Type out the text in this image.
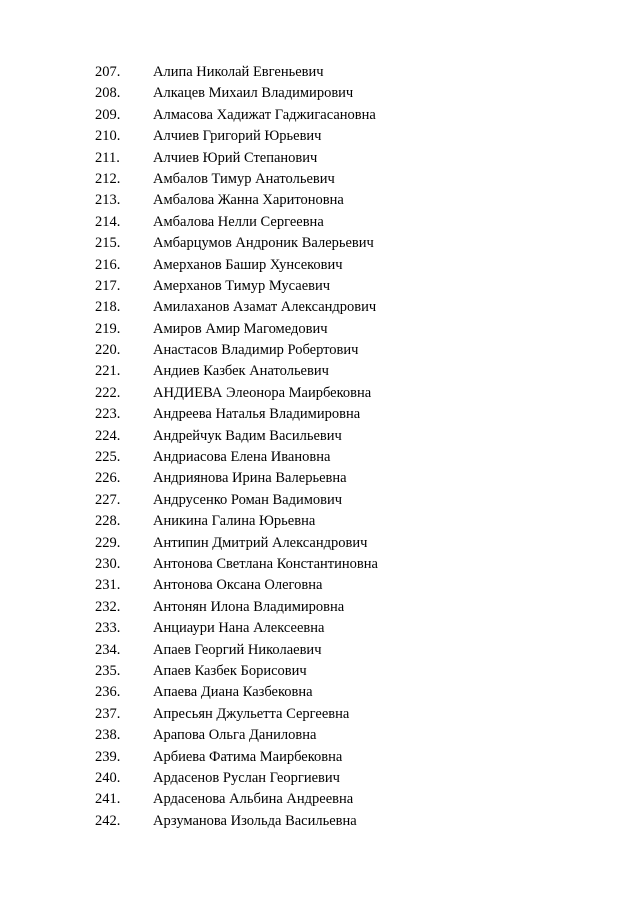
207. Алипа Николай Евгеньевич
208. Алкацев Михаил Владимирович
209. Алмасова Хадижат Гаджигасановна
210. Алчиев Григорий Юрьевич
211. Алчиев Юрий Степанович
212. Амбалов Тимур Анатольевич
213. Амбалова Жанна Харитоновна
214. Амбалова Нелли Сергеевна
215. Амбарцумов Андроник Валерьевич
216. Амерханов Башир Хунсекович
217. Амерханов Тимур Мусаевич
218. Амилаханов Азамат Александрович
219. Амиров Амир Магомедович
220. Анастасов Владимир Робертович
221. Андиев Казбек Анатольевич
222. АНДИЕВА Элеонора Маирбековна
223. Андреева Наталья Владимировна
224. Андрейчук Вадим Васильевич
225. Андриасова Елена Ивановна
226. Андриянова Ирина Валерьевна
227. Андрусенко Роман Вадимович
228. Аникина Галина Юрьевна
229. Антипин Дмитрий Александрович
230. Антонова Светлана Константиновна
231. Антонова Оксана Олеговна
232. Антонян Илона Владимировна
233. Анциаури Нана Алексеевна
234. Апаев Георгий Николаевич
235. Апаев Казбек Борисович
236. Апаева Диана Казбековна
237. Апресьян Джульетта Сергеевна
238. Арапова Ольга Даниловна
239. Арбиева Фатима Маирбековна
240. Ардасенов Руслан Георгиевич
241. Ардасенова Альбина Андреевна
242. Арзуманова Изольда Васильевна
